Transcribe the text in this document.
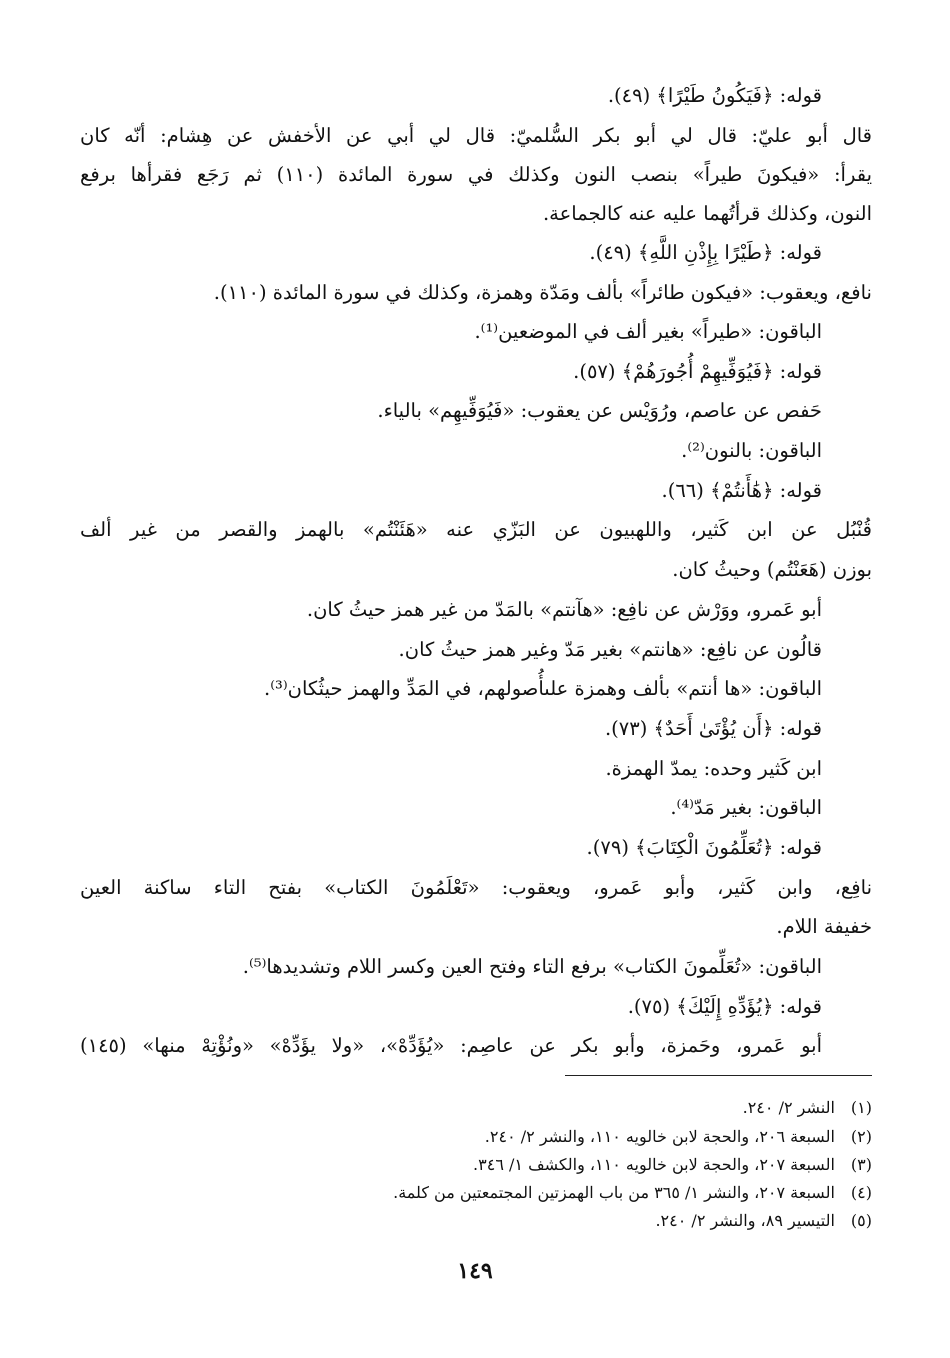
قوله: ﴿فَيَكُونُ طَيْرًا﴾ (٤٩).
قال أبو عليّ: قال لي أبو بكر السُّلميّ: قال لي أبي عن الأخفش عن هِشام: أنّه كان
يقرأ: «فيكونَ طيراً» بنصب النون وكذلك في سورة المائدة (١١٠) ثم رَجَع فقرأها برفع
النون، وكذلك قرأتُهما عليه عنه كالجماعة.
قوله: ﴿طَيْرًا بِإِذْنِ اللَّهِ﴾ (٤٩).
نافع، ويعقوب: «فيكون طائراً» بألف ومَدّة وهمزة، وكذلك في سورة المائدة (١١٠).
الباقون: «طيراً» بغير ألف في الموضعين⁽¹⁾.
قوله: ﴿فَيُوَفِّيهِمْ أُجُورَهُمْ﴾ (٥٧).
حَفص عن عاصم، ورُوَيْس عن يعقوب: «فَيُوَفِّيهِم» بالياء.
الباقون: بالنون⁽²⁾.
قوله: ﴿هَٰأَنتُمْ﴾ (٦٦).
قُنْبُل عن ابن كَثير، واللهبيون عن البَزّي عنه «هَئَنْتُم» بالهمز والقصر من غير ألف
بوزن (هَعَنْتُم) وحيثُ كان.
أبو عَمرو، ووَرْش عن نافِع: «هآنتم» بالمَدّ من غير همز حيثُ كان.
قالُون عن نافِع: «هانتم» بغير مَدّ وغير همز حيثُ كان.
الباقون: «ها أنتم» بألف وهمزة علىأُصولهم، في المَدِّ والهمز حيثُكان⁽³⁾.
قوله: ﴿أَن يُؤْتَىٰ أَحَدٌ﴾ (٧٣).
ابن كَثير وحده: يمدّ الهمزة.
الباقون: بغير مَدّ⁽⁴⁾.
قوله: ﴿تُعَلِّمُونَ الْكِتَابَ﴾ (٧٩).
نافِع، وابن كَثير، وأبو عَمرو، ويعقوب: «تَعْلَمُونَ الكتاب» بفتح التاء ساكنة العين
خفيفة اللام.
الباقون: «تُعَلِّمونَ الكتاب» برفع التاء وفتح العين وكسر اللام وتشديدها⁽⁵⁾.
قوله: ﴿يُؤَدِّهِ إِلَيْكَ﴾ (٧٥).
أبو عَمرو، وحَمزة، وأبو بكر عن عاصِم: «يُؤَدِّهْ»، «ولا يؤَدِّهْ» «ونُؤْتِهْ منها» (١٤٥)
(١) النشر ٢/ ٢٤٠.
(٢) السبعة ٢٠٦، والحجة لابن خالويه ١١٠، والنشر ٢/ ٢٤٠.
(٣) السبعة ٢٠٧، والحجة لابن خالويه ١١٠، والكشف ١/ ٣٤٦.
(٤) السبعة ٢٠٧، والنشر ١/ ٣٦٥ من باب الهمزتين المجتمعتين من كلمة.
(٥) التيسير ٨٩، والنشر ٢/ ٢٤٠.
١٤٩
